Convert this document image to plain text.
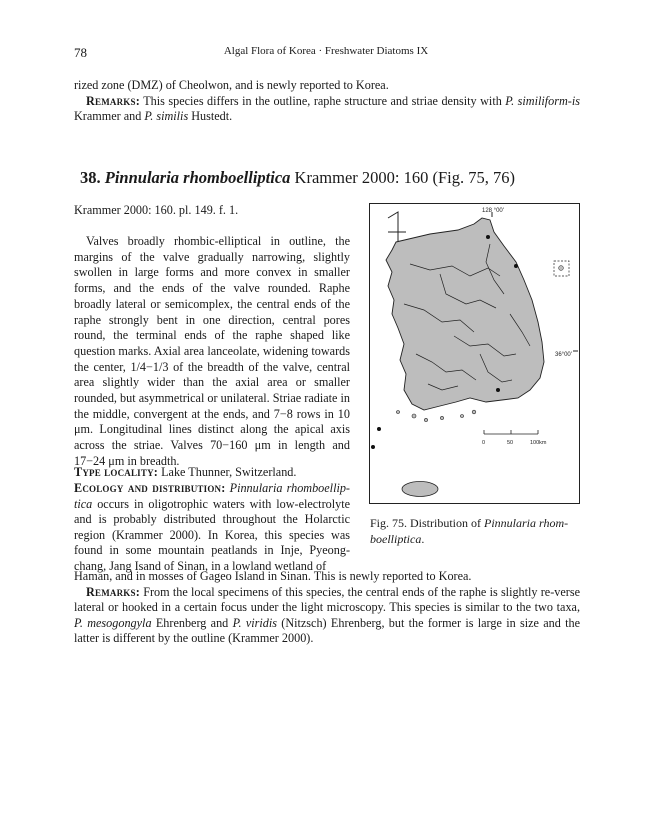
78	Algal Flora of Korea · Freshwater Diatoms IX

rized zone (DMZ) of Cheolwon, and is newly reported to Korea.

Remarks: This species differs in the outline, raphe structure and striae density with P. similiform-is Krammer and P. similis Hustedt.

38. Pinnularia rhomboelliptica Krammer 2000: 160 (Fig. 75, 76)
Krammer 2000: 160. pl. 149. f. 1.
Valves broadly rhombic-elliptical in outline, the margins of the valve gradually narrowing, slightly swollen in large forms and more convex in smaller forms, and the ends of the valve rounded. Raphe broadly lateral or semicomplex, the central ends of the raphe strongly bent in one direction, central pores round, the terminal ends of the raphe shaped like question marks. Axial area lanceolate, widening towards the center, 1/4−1/3 of the breadth of the valve, central area slightly wider than the axial area or smaller rounded, but asymmetrical or unilateral. Striae radiate in the middle, convergent at the ends, and 7−8 rows in 10 μm. Longitudinal lines distinct along the apical axis across the striae. Valves 70−160 μm in length and 17−24 μm in breadth.
Type locality: Lake Thunner, Switzerland.
Ecology and distribution: Pinnularia rhomboellip-tica occurs in oligotrophic waters with low-electrolyte and is probably distributed throughout the Holarctic region (Krammer 2000). In Korea, this species was found in some mountain peatlands in Inje, Pyeong-chang, Jang Isand of Sinan, in a lowland wetland of

Haman, and in mosses of Gageo Island in Sinan. This is newly reported to Korea.

Remarks: From the local specimens of this species, the central ends of the raphe is slightly re-verse lateral or hooked in a certain focus under the light microscopy. This species is similar to the two taxa, P. mesogongyla Ehrenberg and P. viridis (Nitzsch) Ehrenberg, but the former is large in size and the latter is different by the outline (Krammer 2000).

128 °00'
36°00'
0	50	100km
Fig. 75. Distribution of Pinnularia rhom-boelliptica.
